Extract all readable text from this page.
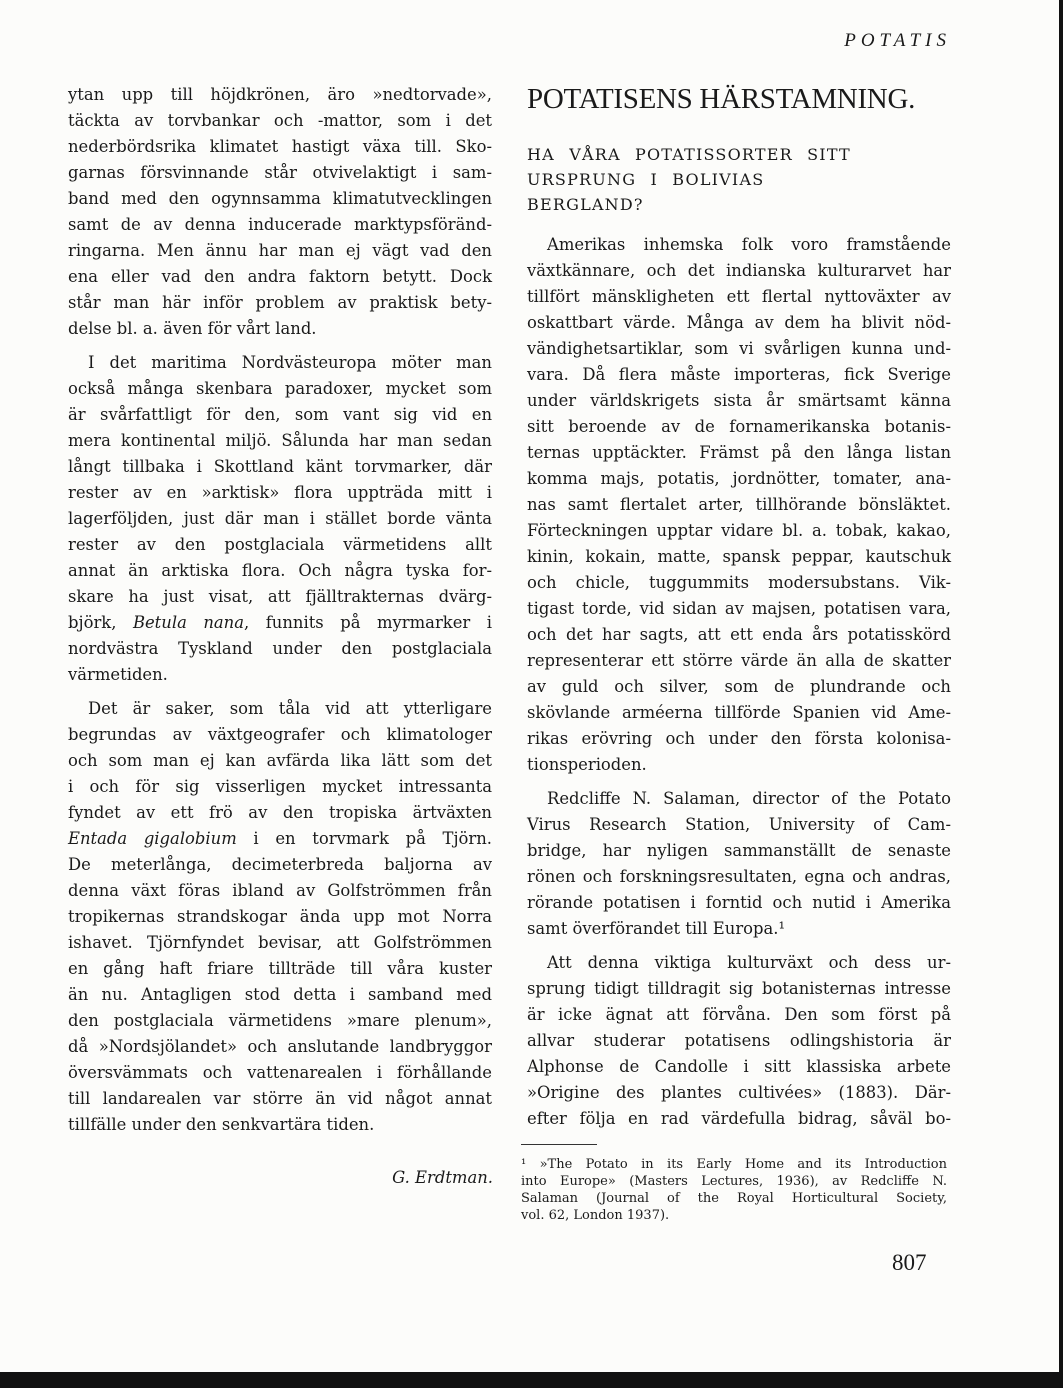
POTATIS
ytan upp till höjdkrönen, äro »nedtorvade»,
täckta av torvbankar och -mattor, som i det
nederbördsrika klimatet hastigt växa till. Sko-
garnas försvinnande står otvivelaktigt i sam-
band med den ogynnsamma klimatutvecklingen
samt de av denna inducerade marktypsföränd-
ringarna. Men ännu har man ej vägt vad den
ena eller vad den andra faktorn betytt. Dock
står man här inför problem av praktisk bety-
delse bl. a. även för vårt land.
I det maritima Nordvästeuropa möter man
också många skenbara paradoxer, mycket som
är svårfattligt för den, som vant sig vid en
mera kontinental miljö. Sålunda har man sedan
långt tillbaka i Skottland känt torvmarker, där
rester av en »arktisk» flora uppträda mitt i
lagerföljden, just där man i stället borde vänta
rester av den postglaciala värmetidens allt
annat än arktiska flora. Och några tyska for-
skare ha just visat, att fjälltrakternas dvärg-
björk, Betula nana, funnits på myrmarker i
nordvästra Tyskland under den postglaciala
värmetiden.
Det är saker, som tåla vid att ytterligare
begrundas av växtgeografer och klimatologer
och som man ej kan avfärda lika lätt som det
i och för sig visserligen mycket intressanta
fyndet av ett frö av den tropiska ärtväxten
Entada gigalobium i en torvmark på Tjörn.
De meterlånga, decimeterbreda baljorna av
denna växt föras ibland av Golfströmmen från
tropikernas strandskogar ända upp mot Norra
ishavet. Tjörnfyndet bevisar, att Golfströmmen
en gång haft friare tillträde till våra kuster
än nu. Antagligen stod detta i samband med
den postglaciala värmetidens »mare plenum»,
då »Nordsjölandet» och anslutande landbryggor
översvämmats och vattenarealen i förhållande
till landarealen var större än vid något annat
tillfälle under den senkvartära tiden.
G. Erdtman.
POTATISENS HÄRSTAMNING.
HA VÅRA POTATISSORTER SITT
URSPRUNG I BOLIVIAS
BERGLAND?
Amerikas inhemska folk voro framstående
växtkännare, och det indianska kulturarvet har
tillfört mänskligheten ett flertal nyttoväxter av
oskattbart värde. Många av dem ha blivit nöd-
vändighetsartiklar, som vi svårligen kunna und-
vara. Då flera måste importeras, fick Sverige
under världskrigets sista år smärtsamt känna
sitt beroende av de fornamerikanska botanis-
ternas upptäckter. Främst på den långa listan
komma majs, potatis, jordnötter, tomater, ana-
nas samt flertalet arter, tillhörande bönsläktet.
Förteckningen upptar vidare bl. a. tobak, kakao,
kinin, kokain, matte, spansk peppar, kautschuk
och chicle, tuggummits modersubstans. Vik-
tigast torde, vid sidan av majsen, potatisen vara,
och det har sagts, att ett enda års potatisskörd
representerar ett större värde än alla de skatter
av guld och silver, som de plundrande och
skövlande arméerna tillförde Spanien vid Ame-
rikas erövring och under den första kolonisa-
tionsperioden.
Redcliffe N. Salaman, director of the Potato
Virus Research Station, University of Cam-
bridge, har nyligen sammanställt de senaste
rönen och forskningsresultaten, egna och andras,
rörande potatisen i forntid och nutid i Amerika
samt överförandet till Europa.¹
Att denna viktiga kulturväxt och dess ur-
sprung tidigt tilldragit sig botanisternas intresse
är icke ägnat att förvåna. Den som först på
allvar studerar potatisens odlingshistoria är
Alphonse de Candolle i sitt klassiska arbete
»Origine des plantes cultivées» (1883). Där-
efter följa en rad värdefulla bidrag, såväl bo-
¹ »The Potato in its Early Home and its Introduction
into Europe» (Masters Lectures, 1936), av Redcliffe N.
Salaman (Journal of the Royal Horticultural Society,
vol. 62, London 1937).
807
